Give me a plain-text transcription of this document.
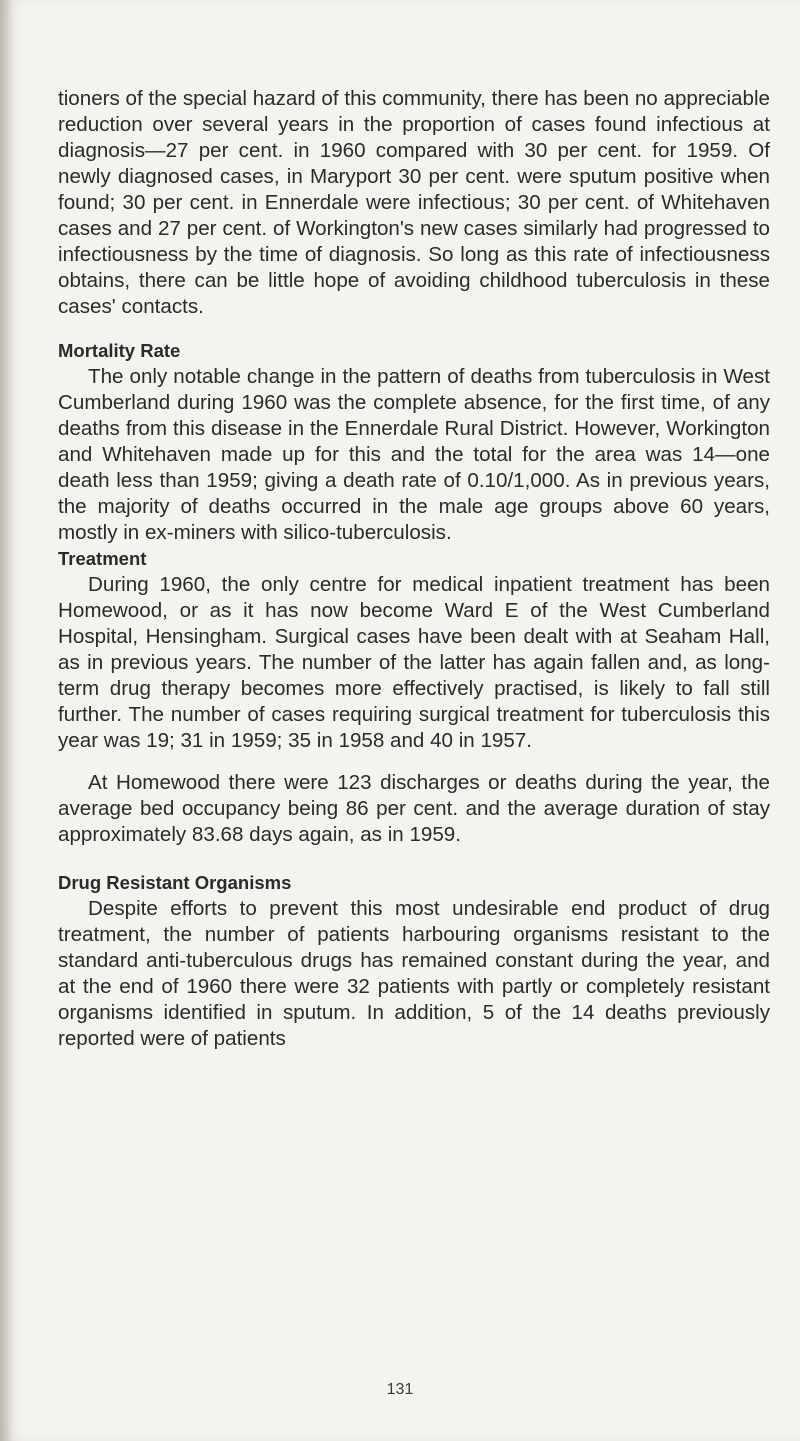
tioners of the special hazard of this community, there has been no appreciable reduction over several years in the proportion of cases found infectious at diagnosis—27 per cent. in 1960 compared with 30 per cent. for 1959. Of newly diagnosed cases, in Maryport 30 per cent. were sputum positive when found; 30 per cent. in Ennerdale were infectious; 30 per cent. of Whitehaven cases and 27 per cent. of Workington's new cases similarly had progressed to infectiousness by the time of diagnosis. So long as this rate of infectiousness obtains, there can be little hope of avoiding childhood tuberculosis in these cases' contacts.

Mortality Rate

The only notable change in the pattern of deaths from tuberculosis in West Cumberland during 1960 was the complete absence, for the first time, of any deaths from this disease in the Ennerdale Rural District. However, Workington and Whitehaven made up for this and the total for the area was 14—one death less than 1959; giving a death rate of 0.10/1,000. As in previous years, the majority of deaths occurred in the male age groups above 60 years, mostly in ex-miners with silico-tuberculosis.

Treatment

During 1960, the only centre for medical inpatient treatment has been Homewood, or as it has now become Ward E of the West Cumberland Hospital, Hensingham. Surgical cases have been dealt with at Seaham Hall, as in previous years. The number of the latter has again fallen and, as long-term drug therapy becomes more effectively practised, is likely to fall still further. The number of cases requiring surgical treatment for tuberculosis this year was 19; 31 in 1959; 35 in 1958 and 40 in 1957.

At Homewood there were 123 discharges or deaths during the year, the average bed occupancy being 86 per cent. and the average duration of stay approximately 83.68 days again, as in 1959.

Drug Resistant Organisms

Despite efforts to prevent this most undesirable end product of drug treatment, the number of patients harbouring organisms resistant to the standard anti-tuberculous drugs has remained constant during the year, and at the end of 1960 there were 32 patients with partly or completely resistant organisms identified in sputum. In addition, 5 of the 14 deaths previously reported were of patients

131
